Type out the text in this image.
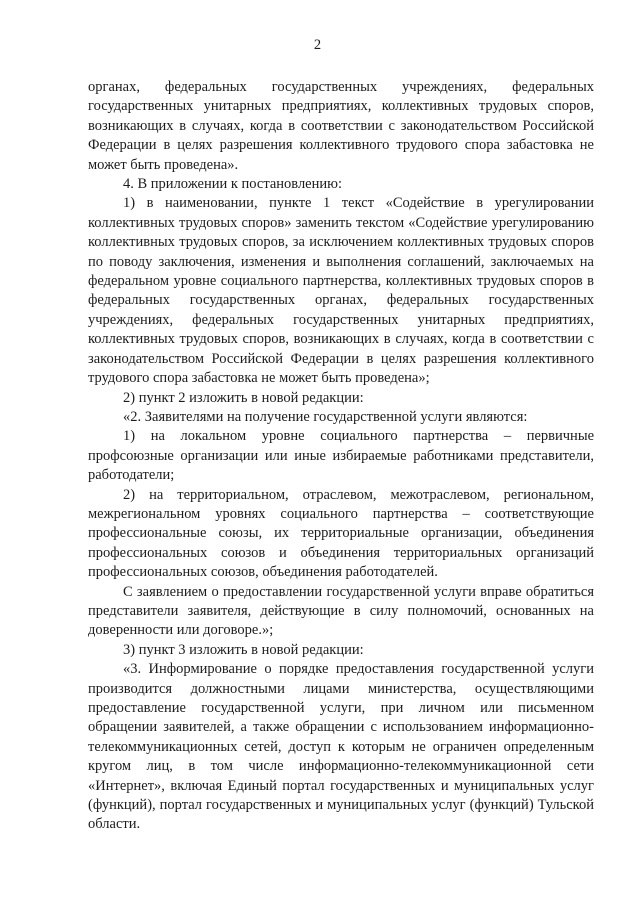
2

органах, федеральных государственных учреждениях, федеральных государственных унитарных предприятиях, коллективных трудовых споров, возникающих в случаях, когда в соответствии с законодательством Российской Федерации в целях разрешения коллективного трудового спора забастовка не может быть проведена».

4. В приложении к постановлению:

1) в наименовании, пункте 1 текст «Содействие в урегулировании коллективных трудовых споров» заменить текстом «Содействие урегулированию коллективных трудовых споров, за исключением коллективных трудовых споров по поводу заключения, изменения и выполнения соглашений, заключаемых на федеральном уровне социального партнерства, коллективных трудовых споров в федеральных государственных органах, федеральных государственных учреждениях, федеральных государственных унитарных предприятиях, коллективных трудовых споров, возникающих в случаях, когда в соответствии с законодательством Российской Федерации в целях разрешения коллективного трудового спора забастовка не может быть проведена»;

2) пункт 2 изложить в новой редакции:

«2. Заявителями на получение государственной услуги являются:

1) на локальном уровне социального партнерства – первичные профсоюзные организации или иные избираемые работниками представители, работодатели;

2) на территориальном, отраслевом, межотраслевом, региональном, межрегиональном уровнях социального партнерства – соответствующие профессиональные союзы, их территориальные организации, объединения профессиональных союзов и объединения территориальных организаций профессиональных союзов, объединения работодателей.

С заявлением о предоставлении государственной услуги вправе обратиться представители заявителя, действующие в силу полномочий, основанных на доверенности или договоре.»;

3) пункт 3 изложить в новой редакции:

«3. Информирование о порядке предоставления государственной услуги производится должностными лицами министерства, осуществляющими предоставление государственной услуги, при личном или письменном обращении заявителей, а также обращении с использованием информационно-телекоммуникационных сетей, доступ к которым не ограничен определенным кругом лиц, в том числе информационно-телекоммуникационной сети «Интернет», включая Единый портал государственных и муниципальных услуг (функций), портал государственных и муниципальных услуг (функций) Тульской области.
